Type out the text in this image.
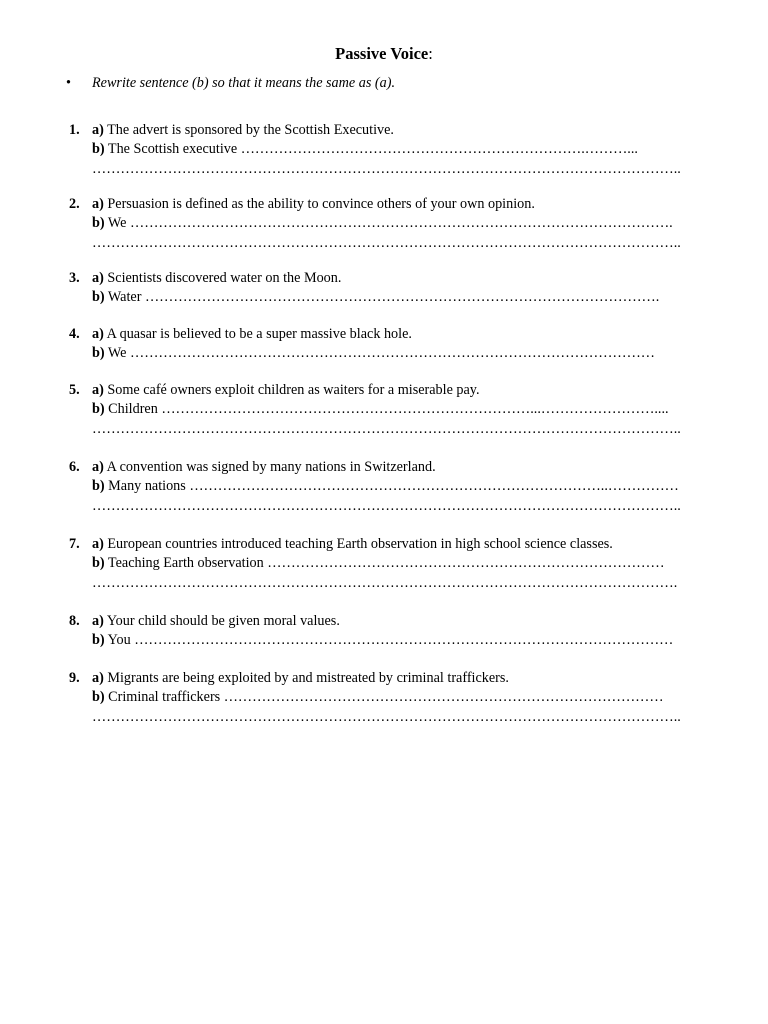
Passive Voice:
• Rewrite sentence (b) so that it means the same as (a).
1. a) The advert is sponsored by the Scottish Executive.
b) The Scottish executive ……………………………………………………………….………...
……………………………………………………………………………………………………………..
2. a) Persuasion is defined as the ability to convince others of your own opinion.
b) We …………………………………………………………………………………………………….
……………………………………………………………………………………………………………..
3. a) Scientists discovered water on the Moon.
b) Water ……………………………………………………………………………………………….
4. a) A quasar is believed to be a super massive black hole.
b) We …………………………………………………………………………………………………
5. a) Some café owners exploit children as waiters for a miserable pay.
b) Children ……………………………………………………………………...……………………....
……………………………………………………………………………………………………………..
6. a) A convention was signed by many nations in Switzerland.
b) Many nations ……………………………………………………………………………..……………
……………………………………………………………………………………………………………..
7. a) European countries introduced teaching Earth observation in high school science classes.
b) Teaching Earth observation …………………………………………………………………………
…………………………………………………………………………………………………………….
8. a) Your child should be given moral values.
b) You ……………………………………………………………………………………………………
9. a) Migrants are being exploited by and mistreated by criminal traffickers.
b) Criminal traffickers …………………………………………………………………………………
……………………………………………………………………………………………………………..
